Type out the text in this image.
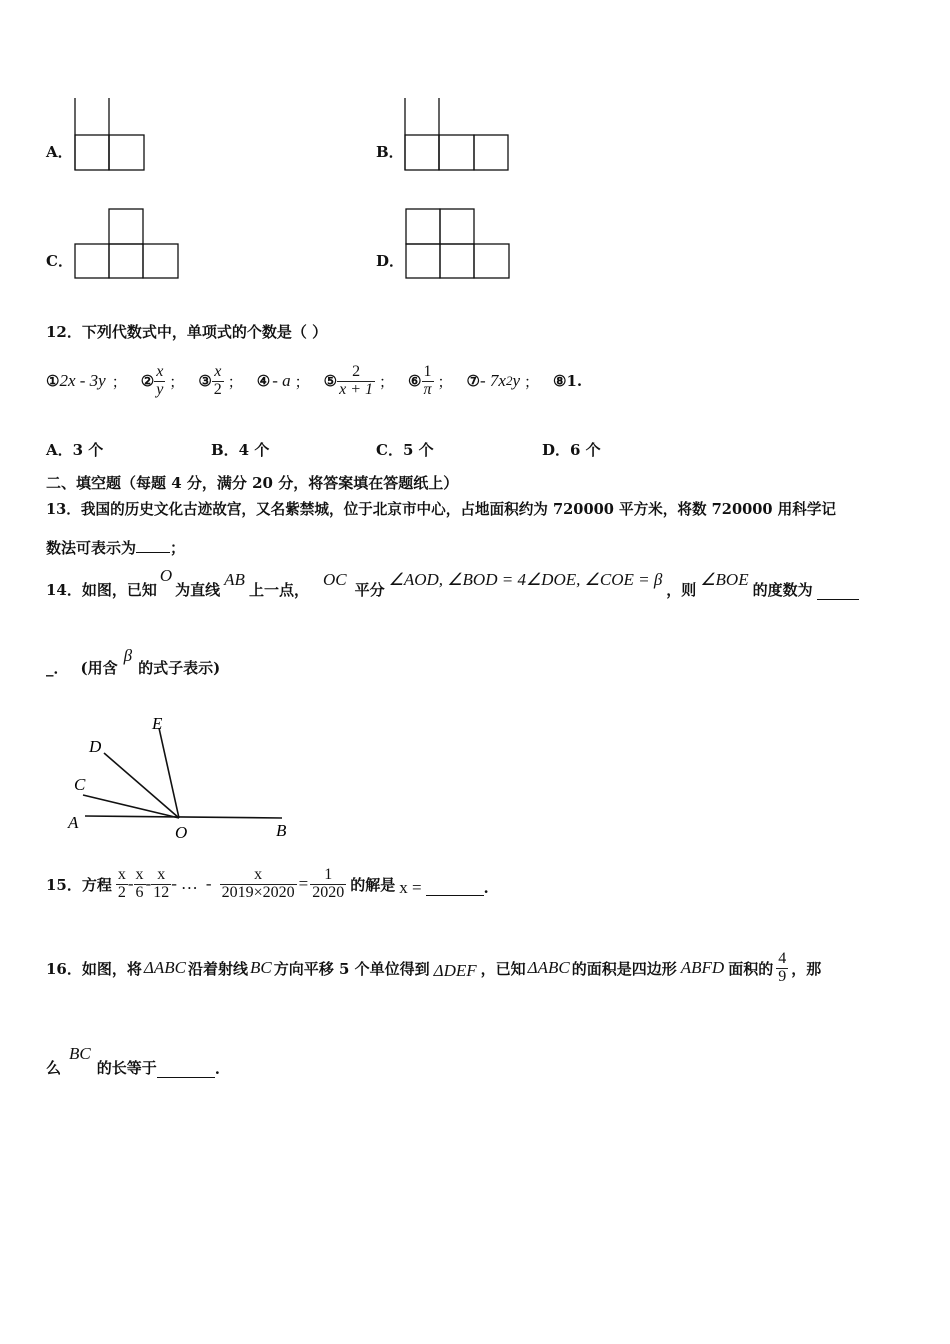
A．	B．
C．	D．
12．下列代数式中，单项式的个数是（ ）
① 2x - 3y ； ② $\frac{x}{y}$ ； ③ $\frac{x}{2}$ ； ④ - a ； ⑤ $\frac{2}{x + 1}$ ； ⑥ $\frac{1}{\pi}$ ； ⑦ - 7x 2 y ； ⑧ 1.
A．3 个	B．4 个	C．5 个	D．6 个
二、填空题（每题 4 分，满分 20 分，将答案填在答题纸上）
13．我国的历史文化古迹故宫，又名紫禁城，位于北京市中心，占地面积约为 720000 平方米，将数 720000 用科学记
数法可表示为 ；
14．如图，已知
O
为直线
AB
上一点，
OC
平分
∠AOD, ∠BOD = 4∠DOE, ∠COE = β
，则
∠BOE
的度数为
_． (用含
β
的式子表示)
A	B
C
D
E
O
15．方程 $\frac{x}{2} - \frac{x}{6} - \frac{x}{12}$ - … - $\frac{x}{2019\times 2020} = \frac{1}{2020}$ 的解是 x =	.
16．如图，将 ΔABC 沿着射线 BC 方向平移 5 个单位得到 ΔDEF ，已知 ΔABC 的面积是四边形 ABFD 面积的 $\frac{4}{9}$ ，那
么
BC
的长等于	.
